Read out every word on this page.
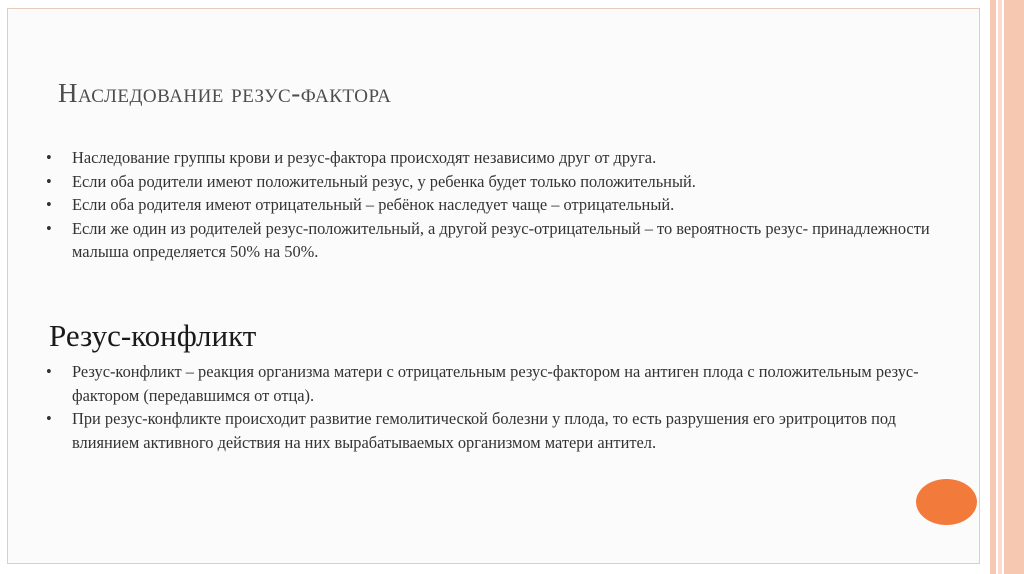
Наследование резус-фактора
• Наследование группы крови и резус-фактора происходят независимо друг от друга.
• Если оба родители имеют положительный резус, у ребенка будет только положительный.
• Если оба родителя имеют отрицательный – ребёнок наследует чаще – отрицательный.
• Если же один из родителей резус-положительный, а другой резус-отрицательный – то вероятность резус- принадлежности малыша определяется 50% на 50%.
Резус-конфликт
• Резус-конфликт – реакция организма матери с отрицательным резус-фактором на антиген плода с положительным резус-фактором (передавшимся от отца).
• При резус-конфликте происходит развитие гемолитической болезни у плода, то есть разрушения его эритроцитов под влиянием активного действия на них вырабатываемых организмом матери антител.
